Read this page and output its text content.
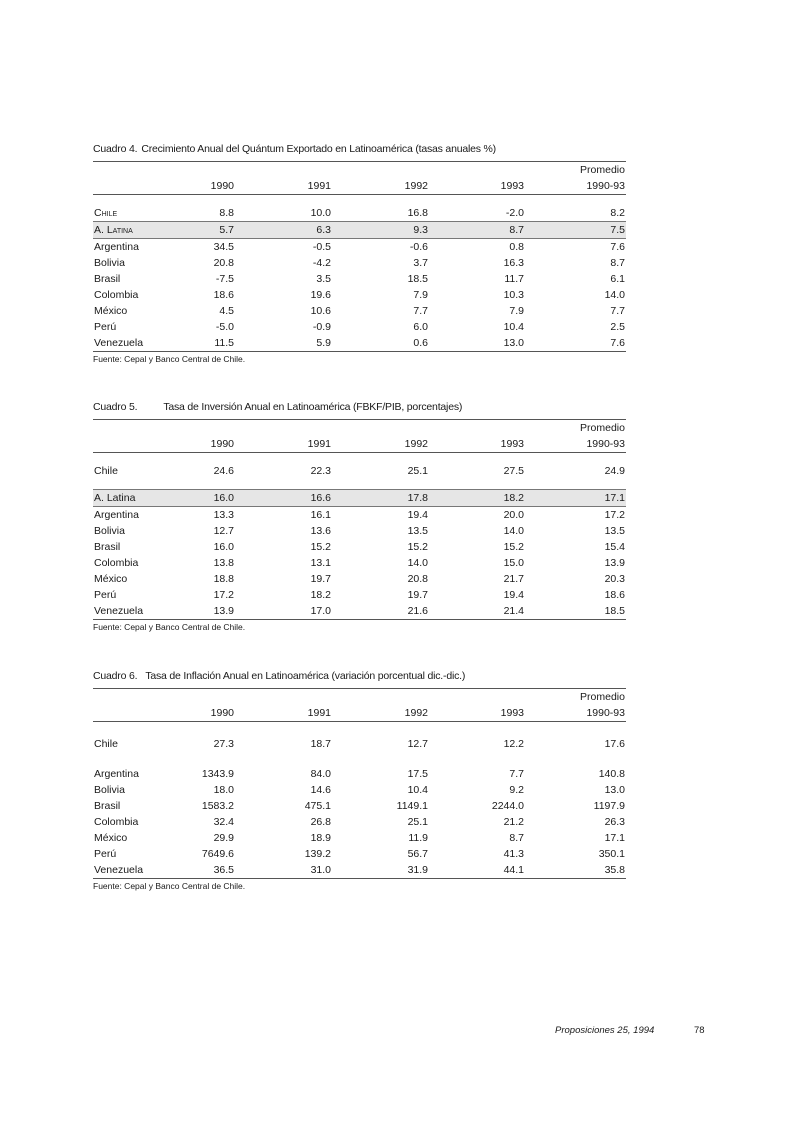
Cuadro 4. Crecimiento Anual del Quántum Exportado en Latinoamérica (tasas anuales %)
					Promedio
	1990	1991	1992	1993	1990-93

Chile	8.8	10.0	16.8	-2.0	8.2
A. Latina	5.7	6.3	9.3	8.7	7.5
Argentina	34.5	-0.5	-0.6	0.8	7.6
Bolivia	20.8	-4.2	3.7	16.3	8.7
Brasil	-7.5	3.5	18.5	11.7	6.1
Colombia	18.6	19.6	7.9	10.3	14.0
México	4.5	10.6	7.7	7.9	7.7
Perú	-5.0	-0.9	6.0	10.4	2.5
Venezuela	11.5	5.9	0.6	13.0	7.6
Fuente: Cepal y Banco Central de Chile.
Cuadro 5. Tasa de Inversión Anual en Latinoamérica (FBKF/PIB, porcentajes)
					Promedio
	1990	1991	1992	1993	1990-93

Chile	24.6	22.3	25.1	27.5	24.9

A. Latina	16.0	16.6	17.8	18.2	17.1
Argentina	13.3	16.1	19.4	20.0	17.2
Bolivia	12.7	13.6	13.5	14.0	13.5
Brasil	16.0	15.2	15.2	15.2	15.4
Colombia	13.8	13.1	14.0	15.0	13.9
México	18.8	19.7	20.8	21.7	20.3
Perú	17.2	18.2	19.7	19.4	18.6
Venezuela	13.9	17.0	21.6	21.4	18.5
Fuente: Cepal y Banco Central de Chile.
Cuadro 6. Tasa de Inflación Anual en Latinoamérica (variación porcentual dic.-dic.)
					Promedio
	1990	1991	1992	1993	1990-93

Chile	27.3	18.7	12.7	12.2	17.6

Argentina	1343.9	84.0	17.5	7.7	140.8
Bolivia	18.0	14.6	10.4	9.2	13.0
Brasil	1583.2	475.1	1149.1	2244.0	1197.9
Colombia	32.4	26.8	25.1	21.2	26.3
México	29.9	18.9	11.9	8.7	17.1
Perú	7649.6	139.2	56.7	41.3	350.1
Venezuela	36.5	31.0	31.9	44.1	35.8
Fuente: Cepal y Banco Central de Chile.
Proposiciones 25, 1994	78
